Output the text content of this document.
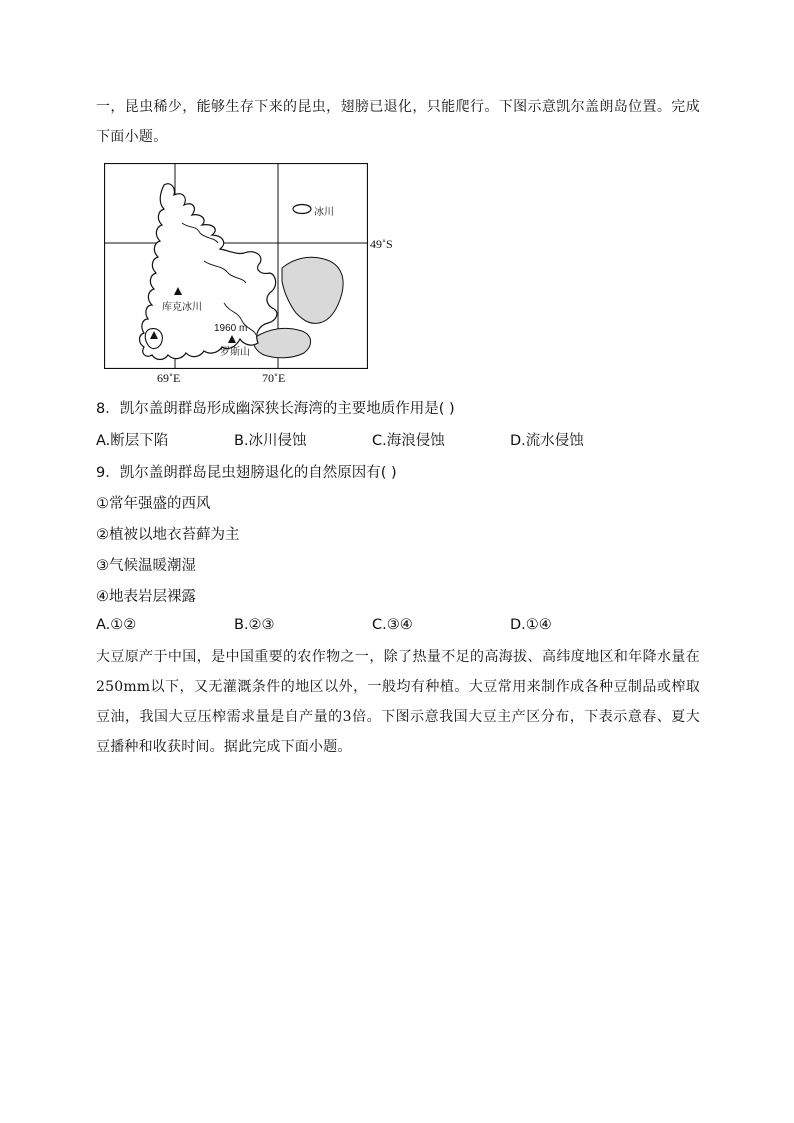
一，昆虫稀少，能够生存下来的昆虫，翅膀已退化，只能爬行。下图示意凯尔盖朗岛位置。完成下面小题。
冰川
库克冰川
1960 m
罗斯山
49˚S
69˚E	70˚E
8．凯尔盖朗群岛形成幽深狭长海湾的主要地质作用是( )
A.断层下陷	B.冰川侵蚀	C.海浪侵蚀	D.流水侵蚀
9．凯尔盖朗群岛昆虫翅膀退化的自然原因有( )
①常年强盛的西风
②植被以地衣苔藓为主
③气候温暖潮湿
④地表岩层裸露
A.①②	B.②③	C.③④	D.①④
大豆原产于中国，是中国重要的农作物之一，除了热量不足的高海拔、高纬度地区和年降水量在250mm以下，又无灌溉条件的地区以外，一般均有种植。大豆常用来制作成各种豆制品或榨取豆油，我国大豆压榨需求量是自产量的3倍。下图示意我国大豆主产区分布，下表示意春、夏大豆播种和收获时间。据此完成下面小题。
